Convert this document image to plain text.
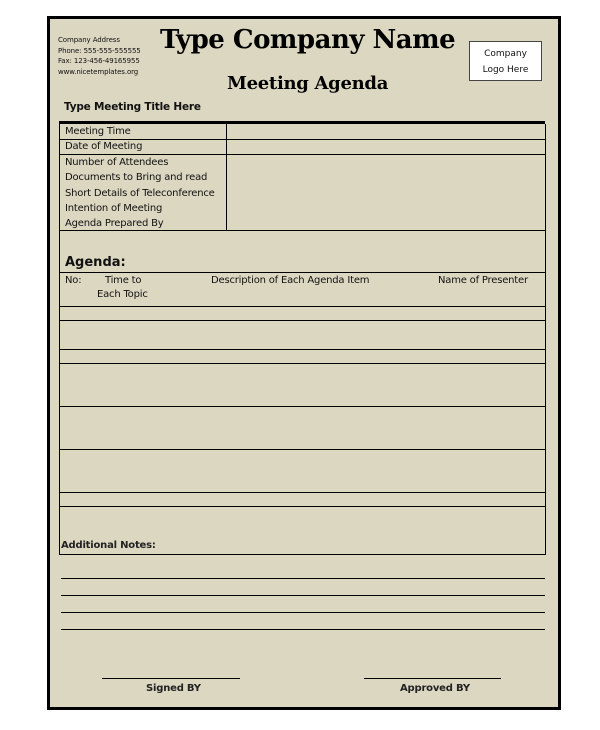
Company Address
Phone: 555-555-555555
Fax: 123-456-49165955
www.nicetemplates.org
Type Company Name
Meeting Agenda
Company
Logo Here
Type Meeting Title Here
Meeting Time
Date of Meeting
Number of Attendees
Documents to Bring and read
Short Details of Teleconference
Intention of Meeting
Agenda Prepared By
Agenda:
No: Time to
Each Topic
Description of Each Agenda Item	Name of Presenter
Additional Notes:
Signed BY	Approved BY
